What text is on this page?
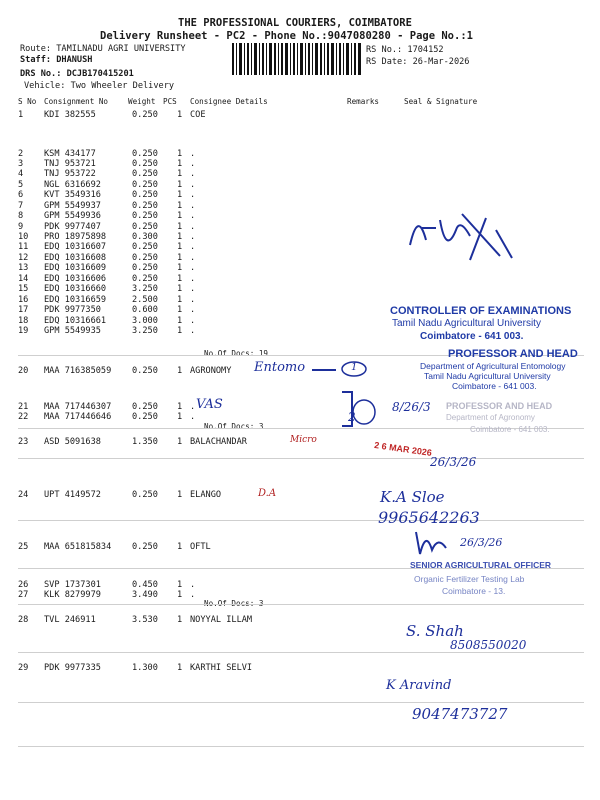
THE PROFESSIONAL COURIERS, COIMBATORE
Delivery Runsheet - PC2 - Phone No.:9047080280 - Page No.:1
Route: TAMILNADU AGRI UNIVERSITY
Staff: DHANUSH
DRS No.: DCJB170415201
Vehicle: Two Wheeler Delivery
RS No.: 1704152
RS Date: 26-Mar-2026
S No Consignment No	Weight PCS Consignee Details	Remarks	Seal & Signature
1 KDI 382555	0.250 1 COE
2 KSM 434177	0.250 1 .
3 TNJ 953721	0.250 1 .
4 TNJ 953722	0.250 1 .
5 NGL 6316692	0.250 1 .
6 KVT 3549316	0.250 1 .
7 GPM 5549937	0.250 1 .
8 GPM 5549936	0.250 1 .
9 PDK 9977407	0.250 1 .
10 PRO 18975898	0.300 1 .
11 EDQ 10316607	0.250 1 .
12 EDQ 10316608	0.250 1 .
13 EDQ 10316609	0.250 1 .
14 EDQ 10316606	0.250 1 .
15 EDQ 10316660	3.250 1 .
16 EDQ 10316659	2.500 1 .
17 PDK 9977350	0.600 1 .
18 EDQ 10316661	3.000 1 .
19 GPM 5549935	3.250 1 .
20 MAA 716385059 0.250 1 AGRONOMY
21 MAA 717446307 0.250 1 .
22 MAA 717446646 0.250 1 .
23 ASD 5091638	1.350 1 BALACHANDAR
24 UPT 4149572	0.250 1 ELANGO
25 MAA 651815834 0.250 1 OFTL
26 SVP 1737301	0.450 1 .
27 KLK 8279979	3.490 1 .
28 TVL 246911	3.530 1 NOYYAL ILLAM
29 PDK 9977335	1.300 1 KARTHI SELVI
No.Of Docs: 19
No.Of Docs: 3
No.Of Docs: 3
CONTROLLER OF EXAMINATIONS
Tamil Nadu Agricultural University
Coimbatore - 641 003.
PROFESSOR AND HEAD
Department of Agricultural Entomology
Tamil Nadu Agricultural University
Coimbatore - 641 003.
PROFESSOR AND HEAD
Department of Agronomy
Coimbatore - 641 003.
2 6 MAR 2026
SENIOR AGRICULTURAL OFFICER
Organic Fertilizer Testing Lab
Coimbatore - 13.
Entomo	1
VAS
2
8/26/3
26/3/26
Micro
D.A	K.A Sloe
9965642263
26/3/26
S. Shah
8508550020
K Aravind
9047473727
